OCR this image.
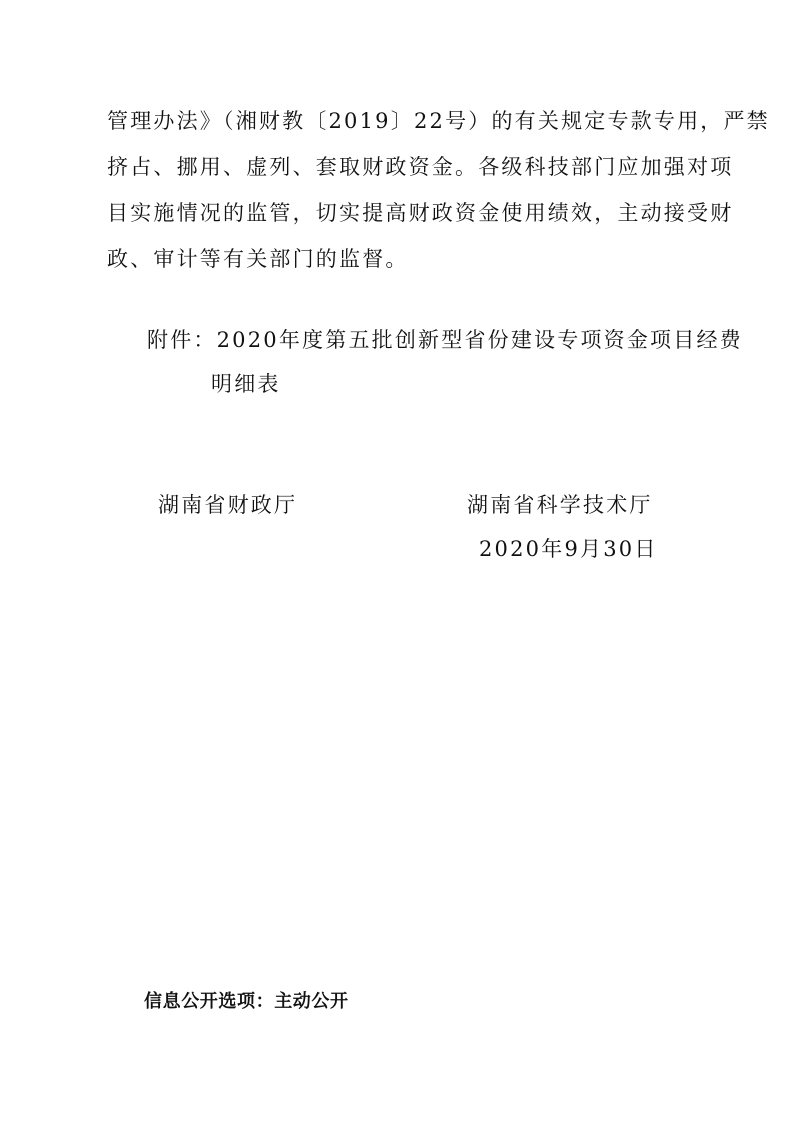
管理办法》（湘财教〔2019〕22号）的有关规定专款专用，严禁
挤占、挪用、虚列、套取财政资金。各级科技部门应加强对项
目实施情况的监管，切实提高财政资金使用绩效，主动接受财
政、审计等有关部门的监督。
附件：2020年度第五批创新型省份建设专项资金项目经费
明细表
湖南省财政厅	湖南省科学技术厅
2020年9月30日
信息公开选项：主动公开
